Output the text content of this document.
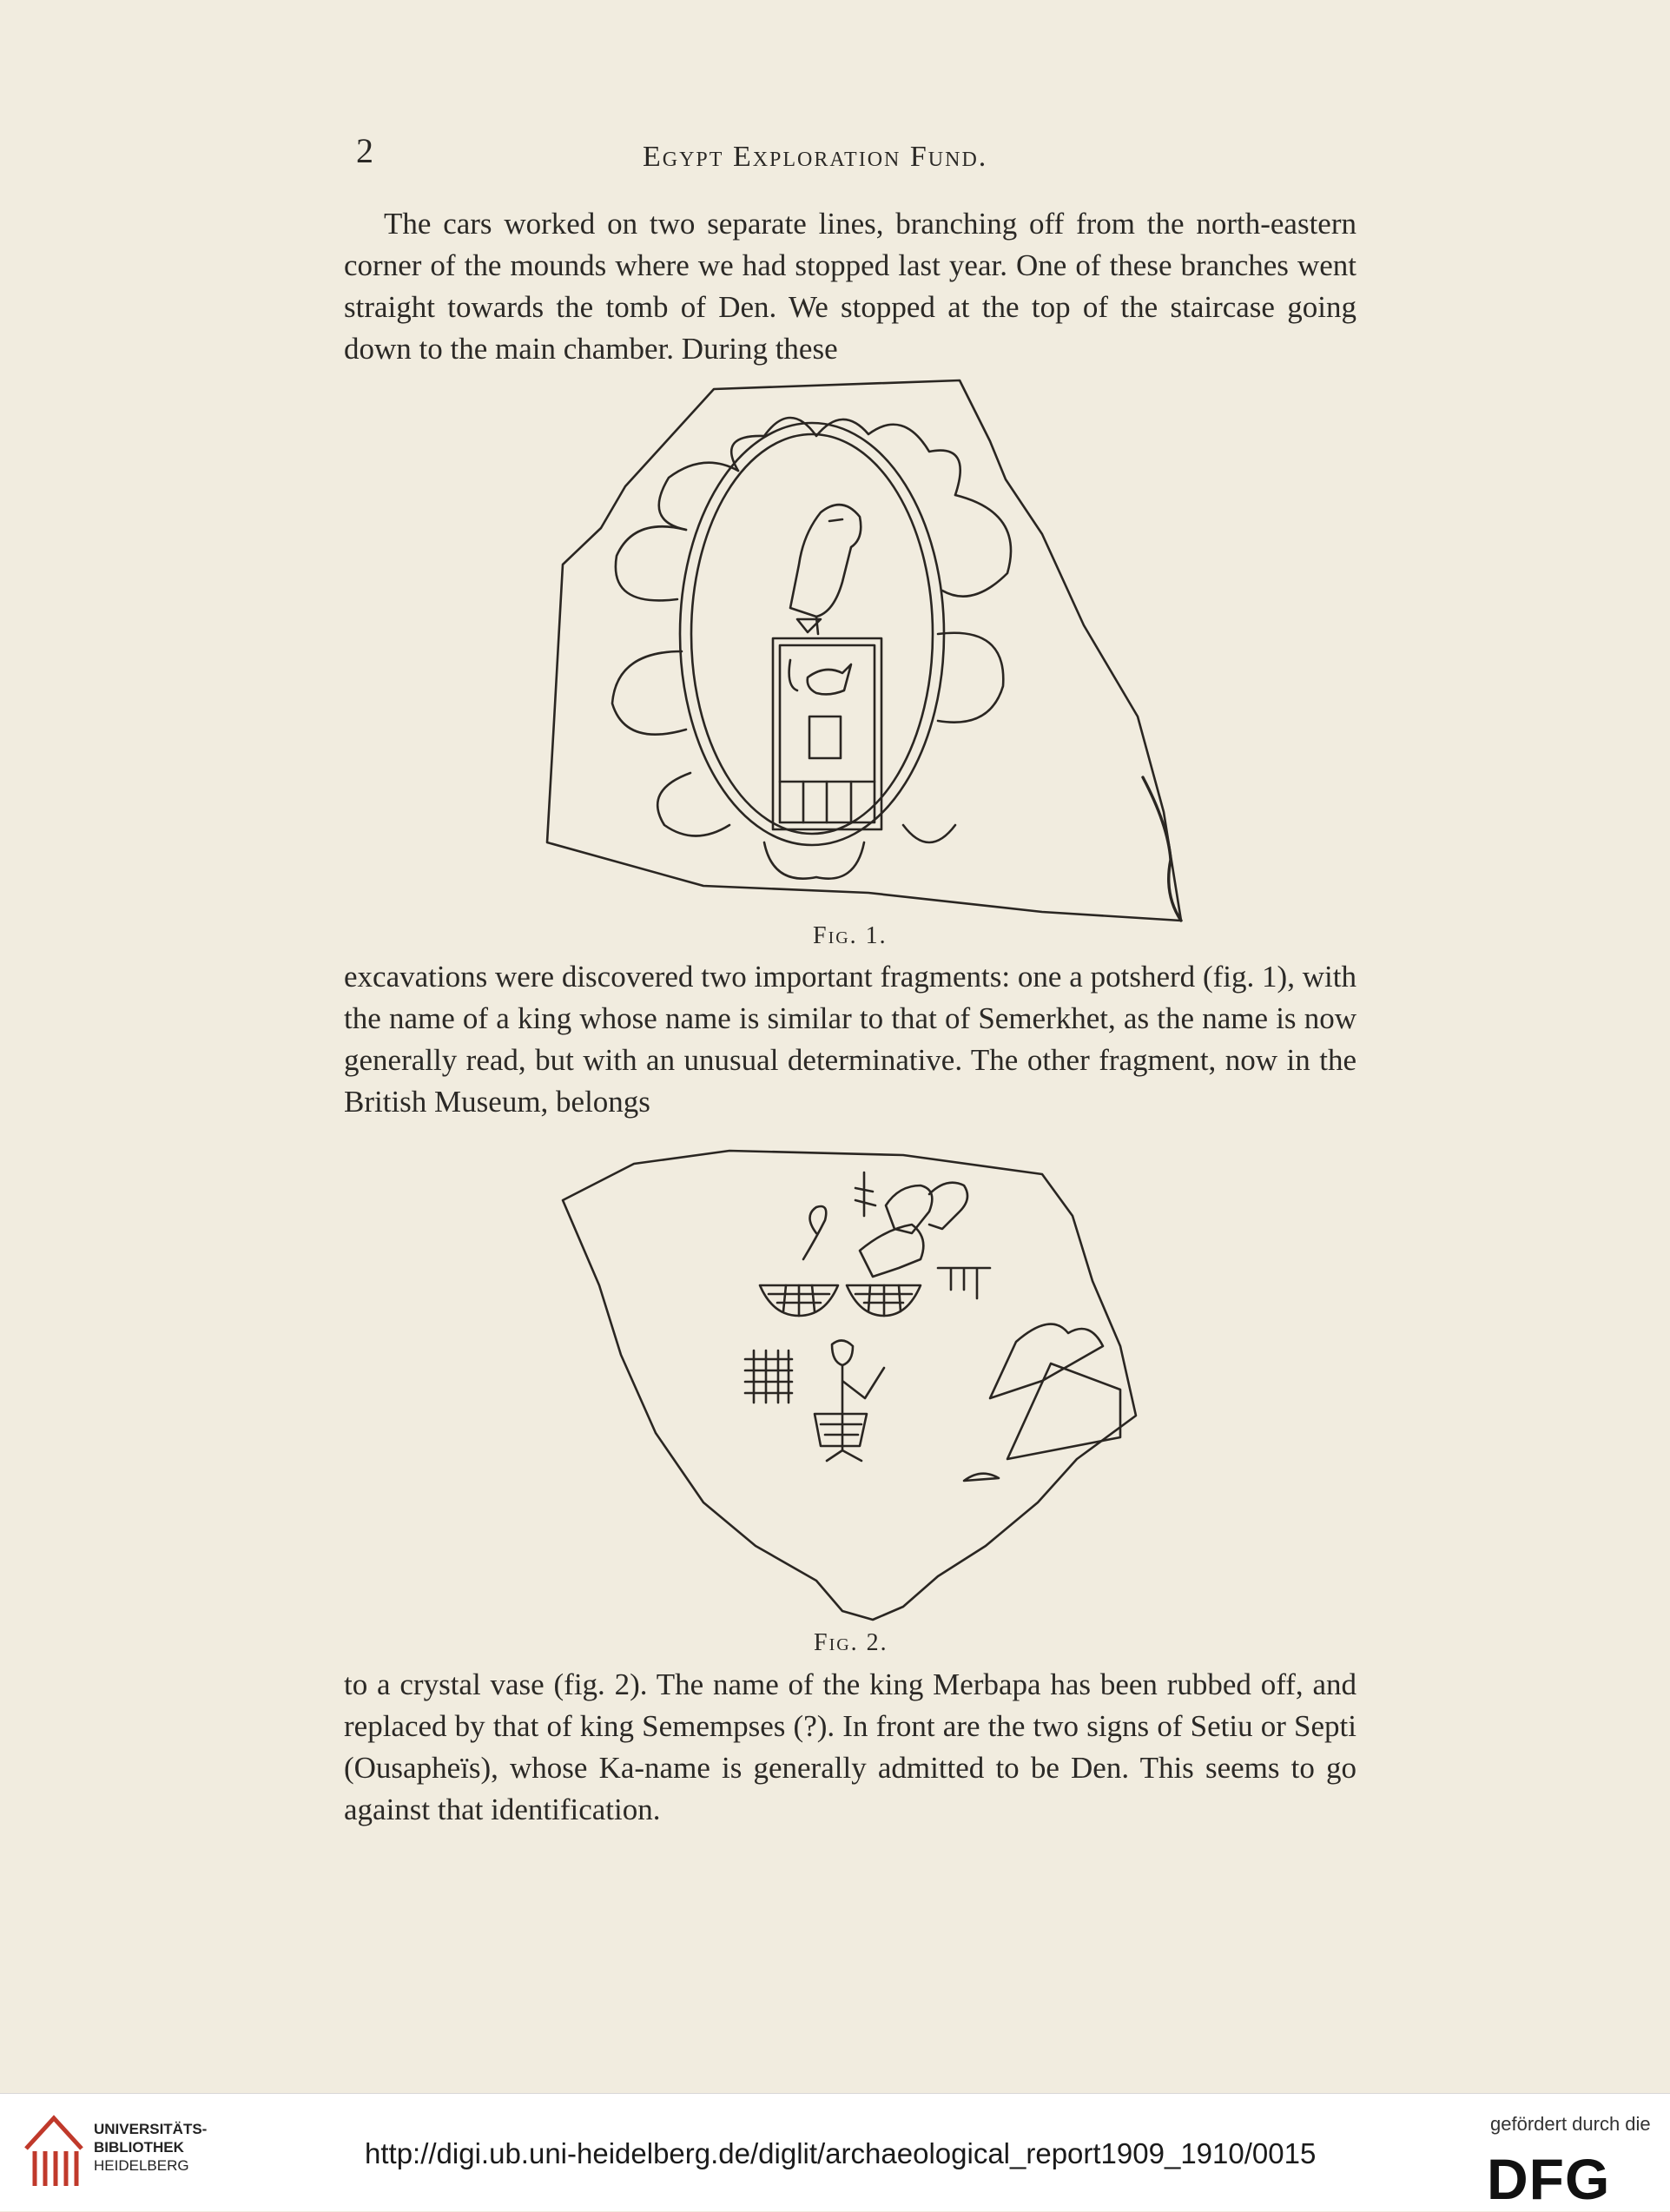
2	Egypt Exploration Fund.

The cars worked on two separate lines, branching off from the north-eastern corner of the mounds where we had stopped last year. One of these branches went straight towards the tomb of Den. We stopped at the top of the staircase going down to the main chamber. During these

Fig. 1.

excavations were discovered two important fragments: one a potsherd (fig. 1), with the name of a king whose name is similar to that of Semerkhet, as the name is now generally read, but with an unusual determinative. The other fragment, now in the British Museum, belongs

Fig. 2.

to a crystal vase (fig. 2). The name of the king Merbapa has been rubbed off, and replaced by that of king Semempses (?). In front are the two signs of Setiu or Septi (Ousapheïs), whose Ka-name is generally admitted to be Den. This seems to go against that identification.

UNIVERSITÄTS-
BIBLIOTHEK
HEIDELBERG	http://digi.ub.uni-heidelberg.de/diglit/archaeological_report1909_1910/0015
gefördert durch die
DFG
